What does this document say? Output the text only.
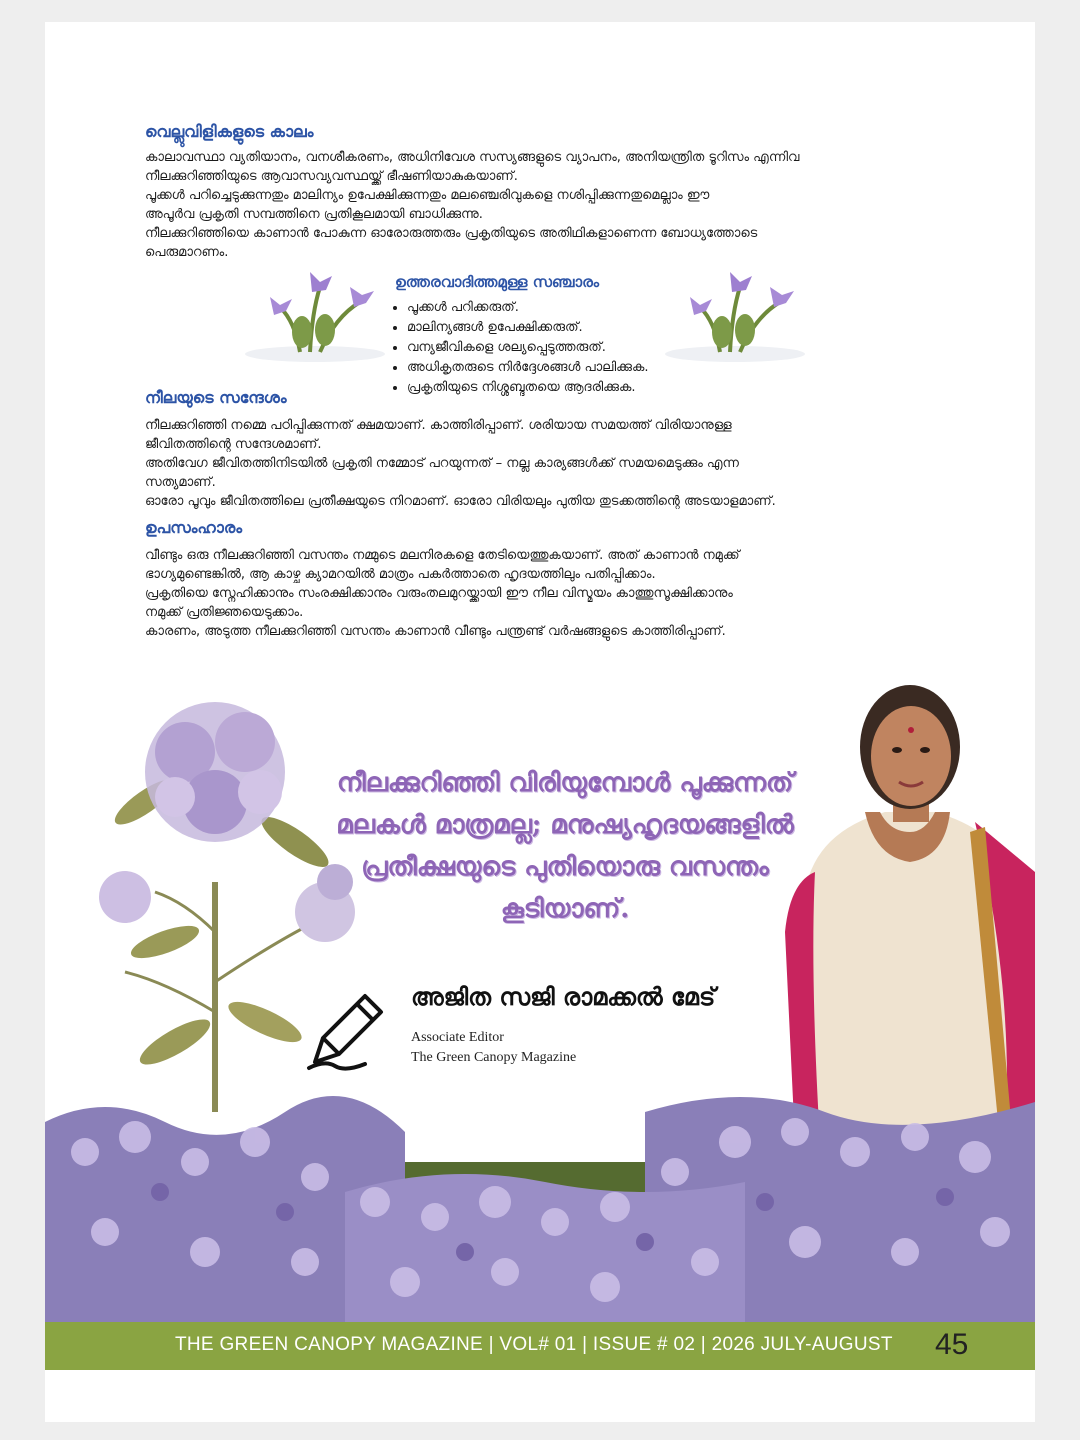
വെല്ലുവിളികളുടെ കാലം

കാലാവസ്ഥാ വ്യതിയാനം, വനശീകരണം, അധിനിവേശ സസ്യങ്ങളുടെ വ്യാപനം, അനിയന്ത്രിത ടൂറിസം എന്നിവ

നീലക്കുറിഞ്ഞിയുടെ ആവാസവ്യവസ്ഥയ്ക്ക് ഭീഷണിയാകുകയാണ്.

പൂക്കൾ പറിച്ചെടുക്കുന്നതും മാലിന്യം ഉപേക്ഷിക്കുന്നതും മലഞ്ചെരിവുകളെ നശിപ്പിക്കുന്നതുമെല്ലാം ഈ

അപൂർവ പ്രകൃതി സമ്പത്തിനെ പ്രതികൂലമായി ബാധിക്കുന്നു.

നീലക്കുറിഞ്ഞിയെ കാണാൻ പോകുന്ന ഓരോരുത്തരും പ്രകൃതിയുടെ അതിഥികളാണെന്ന ബോധ്യത്തോടെ

പെരുമാറണം.

ഉത്തരവാദിത്തമുള്ള സഞ്ചാരം

• പൂക്കൾ പറിക്കരുത്.
• മാലിന്യങ്ങൾ ഉപേക്ഷിക്കരുത്.
• വന്യജീവികളെ ശല്യപ്പെടുത്തരുത്.
• അധികൃതരുടെ നിർദ്ദേശങ്ങൾ പാലിക്കുക.
• പ്രകൃതിയുടെ നിശ്ശബ്ദതയെ ആദരിക്കുക.

നീലയുടെ സന്ദേശം

നീലക്കുറിഞ്ഞി നമ്മെ പഠിപ്പിക്കുന്നത് ക്ഷമയാണ്. കാത്തിരിപ്പാണ്. ശരിയായ സമയത്ത് വിരിയാനുള്ള

ജീവിതത്തിന്റെ സന്ദേശമാണ്.

അതിവേഗ ജീവിതത്തിനിടയിൽ പ്രകൃതി നമ്മോട് പറയുന്നത് – നല്ല കാര്യങ്ങൾക്ക് സമയമെടുക്കും എന്ന

സത്യമാണ്.

ഓരോ പൂവും ജീവിതത്തിലെ പ്രതീക്ഷയുടെ നിറമാണ്. ഓരോ വിരിയലും പുതിയ തുടക്കത്തിന്റെ അടയാളമാണ്.

ഉപസംഹാരം

വീണ്ടും ഒരു നീലക്കുറിഞ്ഞി വസന്തം നമ്മുടെ മലനിരകളെ തേടിയെത്തുകയാണ്. അത് കാണാൻ നമുക്ക്

ഭാഗ്യമുണ്ടെങ്കിൽ, ആ കാഴ്ച ക്യാമറയിൽ മാത്രം പകർത്താതെ ഹൃദയത്തിലും പതിപ്പിക്കാം.

പ്രകൃതിയെ സ്നേഹിക്കാനും സംരക്ഷിക്കാനും വരുംതലമുറയ്ക്കായി ഈ നീല വിസ്മയം കാത്തുസൂക്ഷിക്കാനും

നമുക്ക് പ്രതിജ്ഞയെടുക്കാം.

കാരണം, അടുത്ത നീലക്കുറിഞ്ഞി വസന്തം കാണാൻ വീണ്ടും പന്ത്രണ്ട് വർഷങ്ങളുടെ കാത്തിരിപ്പാണ്.

നീലക്കുറിഞ്ഞി വിരിയുമ്പോൾ പൂക്കുന്നത്
മലകൾ മാത്രമല്ല; മനുഷ്യഹൃദയങ്ങളിൽ
പ്രതീക്ഷയുടെ പുതിയൊരു വസന്തം
കൂടിയാണ്.
അജിത സജി രാമക്കൽ മേട്
Associate Editor
The Green Canopy Magazine
THE GREEN CANOPY MAGAZINE | VOL# 01 | ISSUE # 02 | 2026 JULY-AUGUST 45
